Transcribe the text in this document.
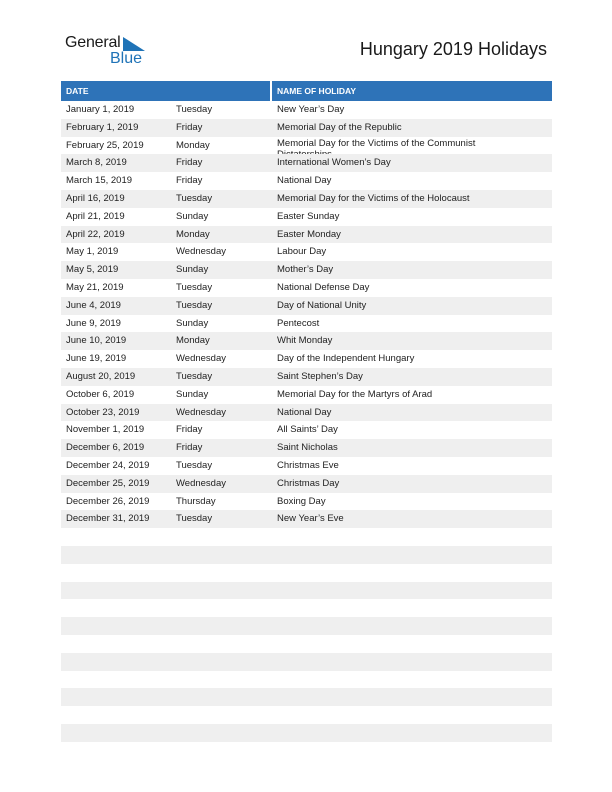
General
Blue	Hungary 2019 Holidays
DATE	NAME OF HOLIDAY
January 1, 2019	Tuesday	New Year’s Day
February 1, 2019	Friday	Memorial Day of the Republic
February 25, 2019	Monday	Memorial Day for the Victims of the Communist
March 8, 2019	Friday	International Women’s Day
March 15, 2019	Friday	National Day
April 16, 2019	Tuesday	Memorial Day for the Victims of the Holocaust
April 21, 2019	Sunday	Easter Sunday
April 22, 2019	Monday	Easter Monday
May 1, 2019	Wednesday	Labour Day
May 5, 2019	Sunday	Mother’s Day
May 21, 2019	Tuesday	National Defense Day
June 4, 2019	Tuesday	Day of National Unity
June 9, 2019	Sunday	Pentecost
June 10, 2019	Monday	Whit Monday
June 19, 2019	Wednesday	Day of the Independent Hungary
August 20, 2019	Tuesday	Saint Stephen’s Day
October 6, 2019	Sunday	Memorial Day for the Martyrs of Arad
October 23, 2019	Wednesday	National Day
November 1, 2019	Friday	All Saints’ Day
December 6, 2019	Friday	Saint Nicholas
December 24, 2019	Tuesday	Christmas Eve
December 25, 2019	Wednesday	Christmas Day
December 26, 2019	Thursday	Boxing Day
December 31, 2019	Tuesday	New Year’s Eve
